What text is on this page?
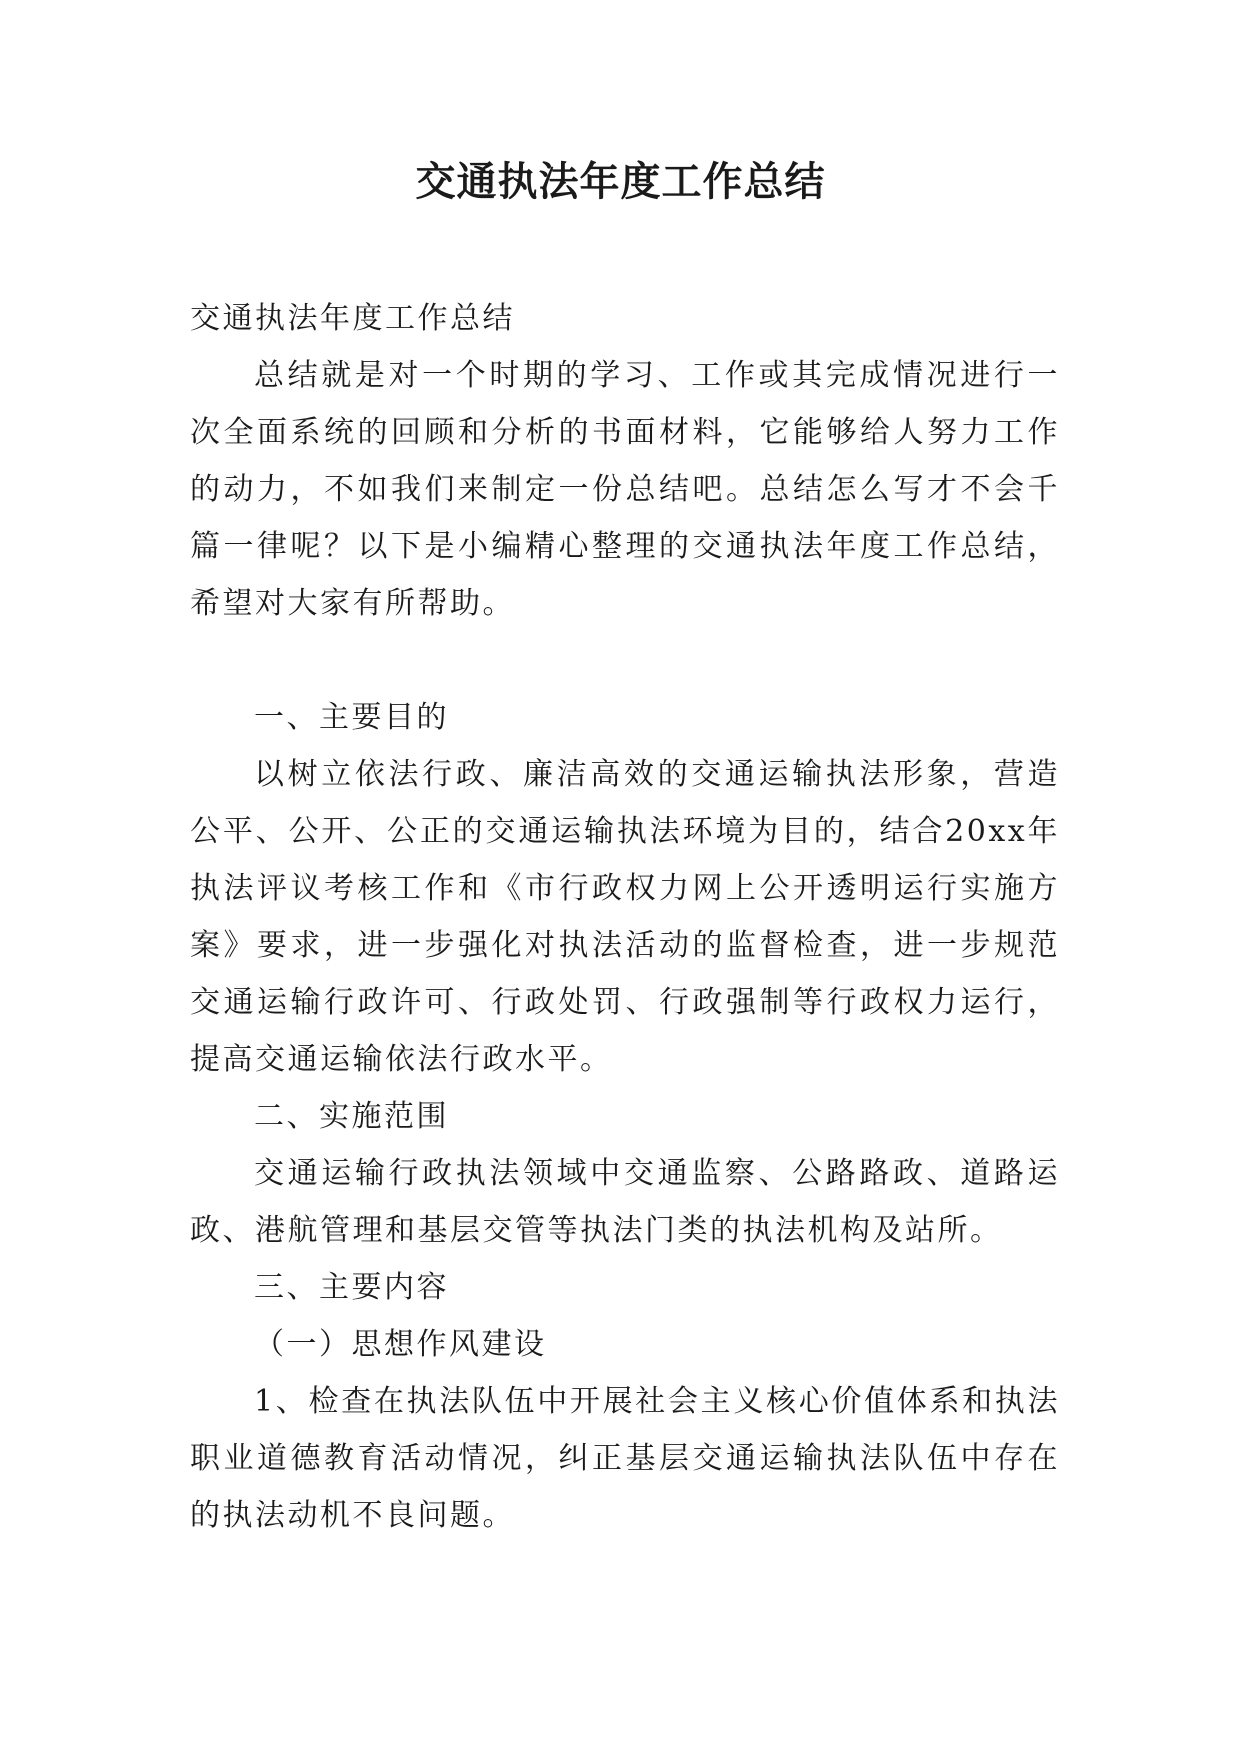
交通执法年度工作总结

交通执法年度工作总结

总结就是对一个时期的学习、工作或其完成情况进行一次全面系统的回顾和分析的书面材料，它能够给人努力工作的动力，不如我们来制定一份总结吧。总结怎么写才不会千篇一律呢？以下是小编精心整理的交通执法年度工作总结，希望对大家有所帮助。

一、主要目的

以树立依法行政、廉洁高效的交通运输执法形象，营造公平、公开、公正的交通运输执法环境为目的，结合20xx年执法评议考核工作和《市行政权力网上公开透明运行实施方案》要求，进一步强化对执法活动的监督检查，进一步规范交通运输行政许可、行政处罚、行政强制等行政权力运行，提高交通运输依法行政水平。

二、实施范围

交通运输行政执法领域中交通监察、公路路政、道路运政、港航管理和基层交管等执法门类的执法机构及站所。

三、主要内容

（一）思想作风建设

1、检查在执法队伍中开展社会主义核心价值体系和执法职业道德教育活动情况，纠正基层交通运输执法队伍中存在的执法动机不良问题。
